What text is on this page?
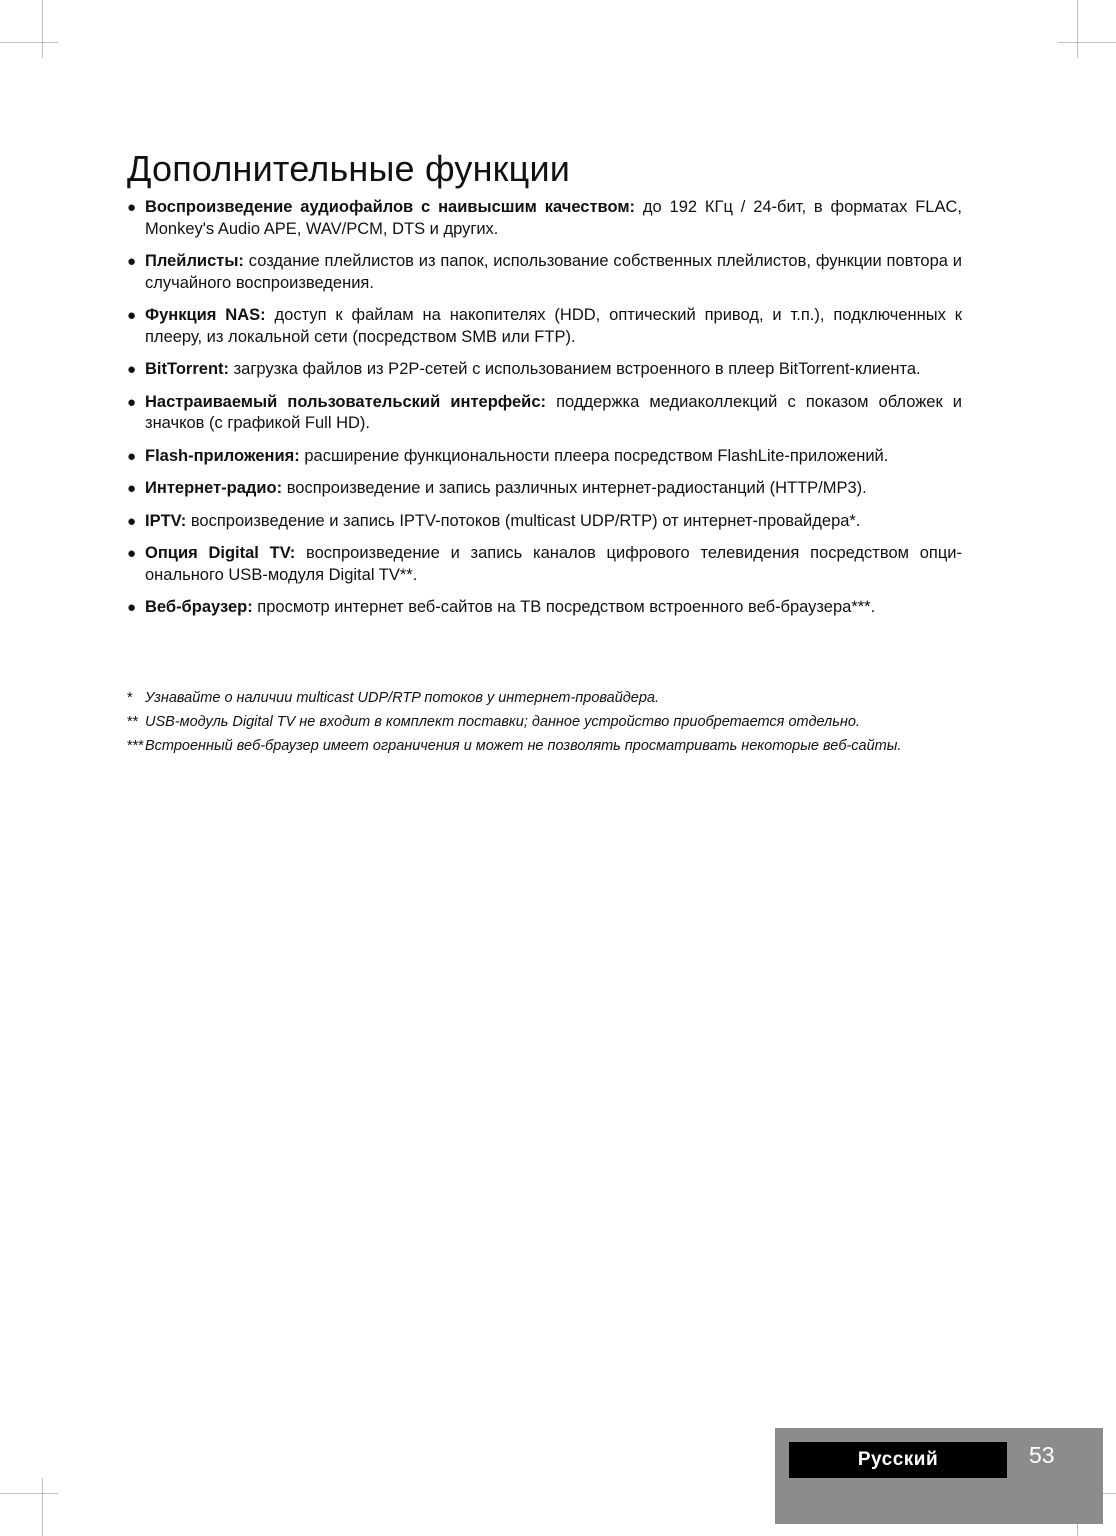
Дополнительные функции
● Воспроизведение аудиофайлов с наивысшим качеством: до 192 КГц / 24-бит, в форматах FLAC, Monkey's Audio APE, WAV/PCM, DTS и других.
● Плейлисты: создание плейлистов из папок, использование собственных плейлистов, функции повтора и случайного воспроизведения.
● Функция NAS: доступ к файлам на накопителях (HDD, оптический привод, и т.п.), подключенных к плееру, из локальной сети (посредством SMB или FTP).
● BitTorrent: загрузка файлов из P2P-сетей с использованием встроенного в плеер BitTorrent-клиента.
● Настраиваемый пользовательский интерфейс: поддержка медиаколлекций с показом обложек и значков (с графикой Full HD).
● Flash-приложения: расширение функциональности плеера посредством FlashLite-приложений.
● Интернет-радио: воспроизведение и запись различных интернет-радиостанций (HTTP/MP3).
● IPTV: воспроизведение и запись IPTV-потоков (multicast UDP/RTP) от интернет-провайдера*.
● Опция Digital TV: воспроизведение и запись каналов цифрового телевидения посредством опционального USB-модуля Digital TV**.
● Веб-браузер: просмотр интернет веб-сайтов на ТВ посредством встроенного веб-браузера***.

* Узнавайте о наличии multicast UDP/RTP потоков у интернет-провайдера.

** USB-модуль Digital TV не входит в комплект поставки; данное устройство приобретается отдельно.

*** Встроенный веб-браузер имеет ограничения и может не позволять просматривать некоторые веб-сайты.

Русский	53
